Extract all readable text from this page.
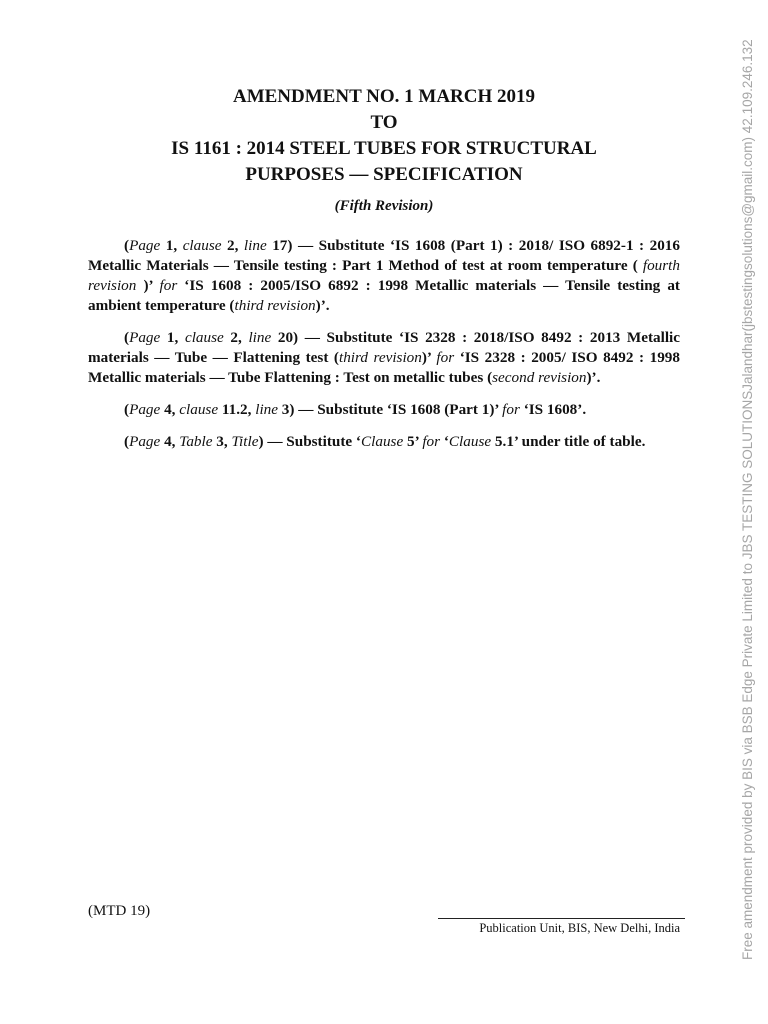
AMENDMENT NO. 1 MARCH 2019
TO
IS 1161 : 2014 STEEL TUBES FOR STRUCTURAL
PURPOSES — SPECIFICATION
(Fifth Revision)

(Page 1, clause 2, line 17) — Substitute ‘IS 1608 (Part 1) : 2018/ ISO 6892-1 : 2016 Metallic Materials — Tensile testing : Part 1 Method of test at room temperature ( fourth revision )’ for ‘IS 1608 : 2005/ISO 6892 : 1998 Metallic materials — Tensile testing at ambient temperature (third revision)’.

(Page 1, clause 2, line 20) — Substitute ‘IS 2328 : 2018/ISO 8492 : 2013 Metallic materials — Tube — Flattening test (third revision)’ for ‘IS 2328 : 2005/ ISO 8492 : 1998 Metallic materials — Tube Flattening : Test on metallic tubes (second revision)’.

(Page 4, clause 11.2, line 3) — Substitute ‘IS 1608 (Part 1)’ for ‘IS 1608’.

(Page 4, Table 3, Title) — Substitute ‘Clause 5’ for ‘Clause 5.1’ under title of table.

(MTD 19)
Publication Unit, BIS, New Delhi, India	Free amendment provided by BIS via BSB Edge Private Limited to JBS TESTING SOLUTIONSJalandhar(jbstestingsolutions@gmail.com) 42.109.246.132
